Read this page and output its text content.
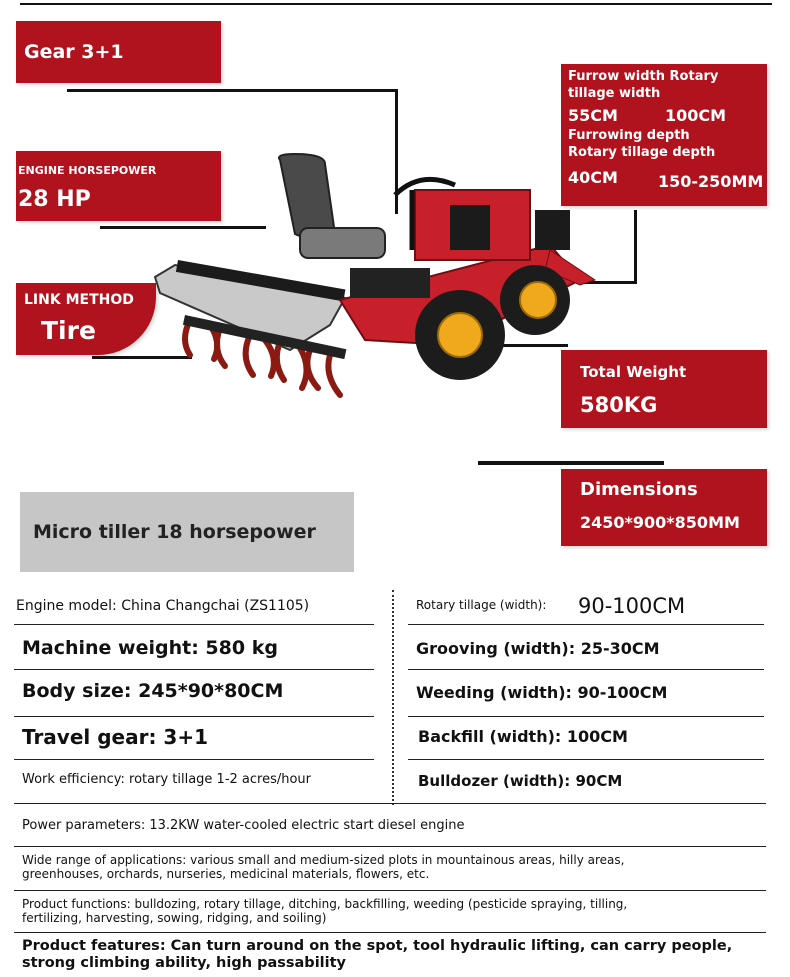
Gear 3+1
ENGINE HORSEPOWER
28 HP
LINK METHOD
Tire
Furrow width Rotary
tillage width
55CM	100CM
Furrowing depth
Rotary tillage depth
40CM	150-250MM
Total Weight
580KG
Dimensions
2450*900*850MM
Micro tiller 18 horsepower
Engine model: China Changchai (ZS1105)	Rotary tillage (width): 90-100CM
Machine weight: 580 kg	Grooving (width): 25-30CM
Body size: 245*90*80CM	Weeding (width): 90-100CM
Travel gear: 3+1	Backfill (width): 100CM
Work efficiency: rotary tillage 1-2 acres/hour	Bulldozer (width): 90CM
Power parameters: 13.2KW water-cooled electric start diesel engine
Wide range of applications: various small and medium-sized plots in mountainous areas, hilly areas,
greenhouses, orchards, nurseries, medicinal materials, flowers, etc.
Product functions: bulldozing, rotary tillage, ditching, backfilling, weeding (pesticide spraying, tilling,
fertilizing, harvesting, sowing, ridging, and soiling)
Product features: Can turn around on the spot, tool hydraulic lifting, can carry people,
strong climbing ability, high passability
